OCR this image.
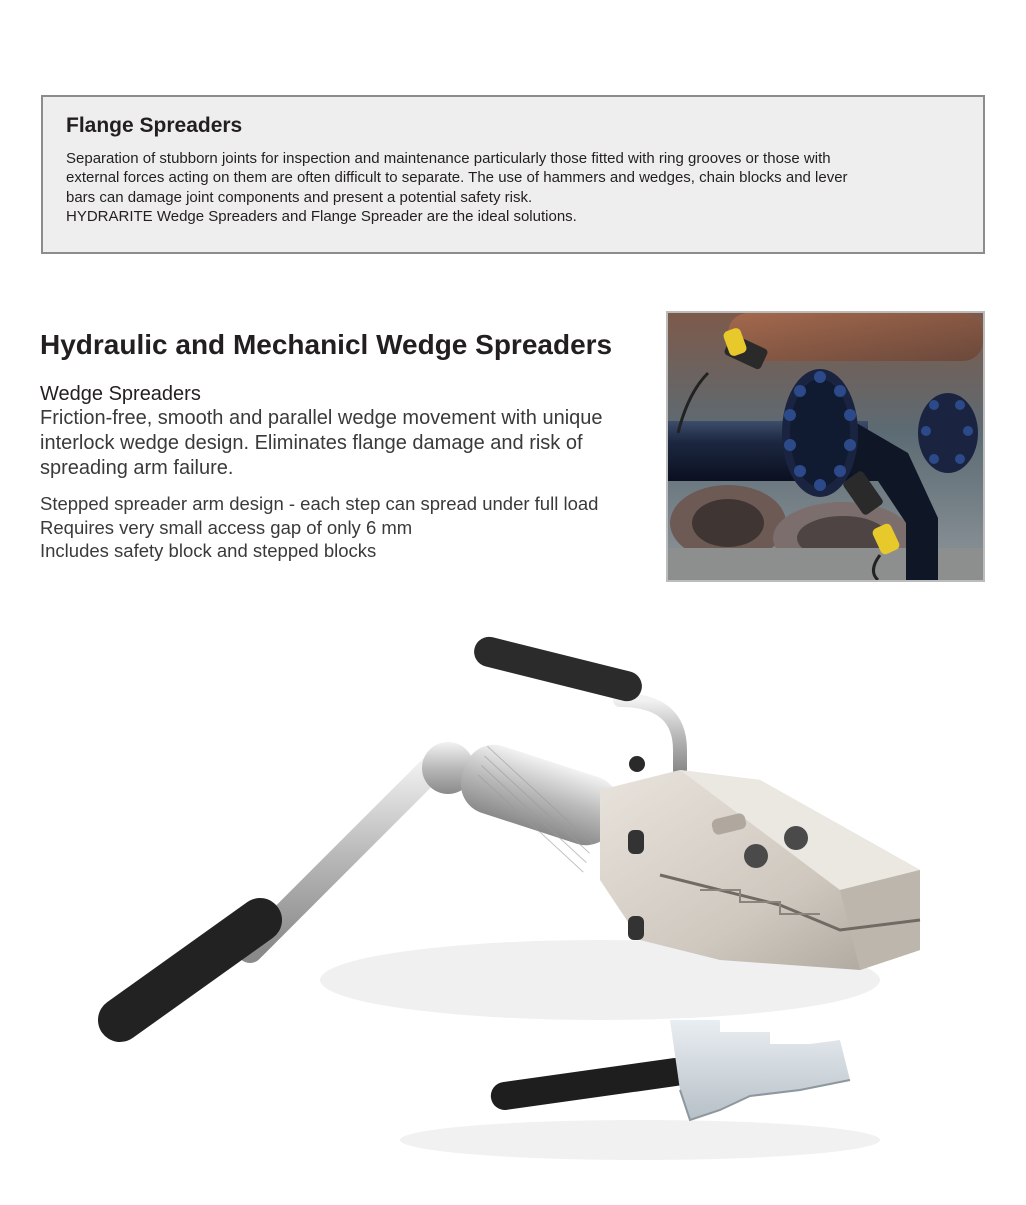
Flange Spreaders

Separation of stubborn joints for inspection and maintenance particularly those fitted with ring grooves or those with

external forces acting on them are often difficult to separate. The use of hammers and wedges, chain blocks and lever

bars can damage joint components and present a potential safety risk.

HYDRARITE Wedge Spreaders and Flange Spreader are the ideal solutions.

Hydraulic and Mechanicl Wedge Spreaders
Wedge Spreaders

Friction-free, smooth and parallel wedge movement with unique interlock wedge design. Eliminates flange damage and risk of spreading arm failure.

Stepped spreader arm design - each step can spread under full load
Requires very small access gap of only 6 mm
Includes safety block and stepped blocks
